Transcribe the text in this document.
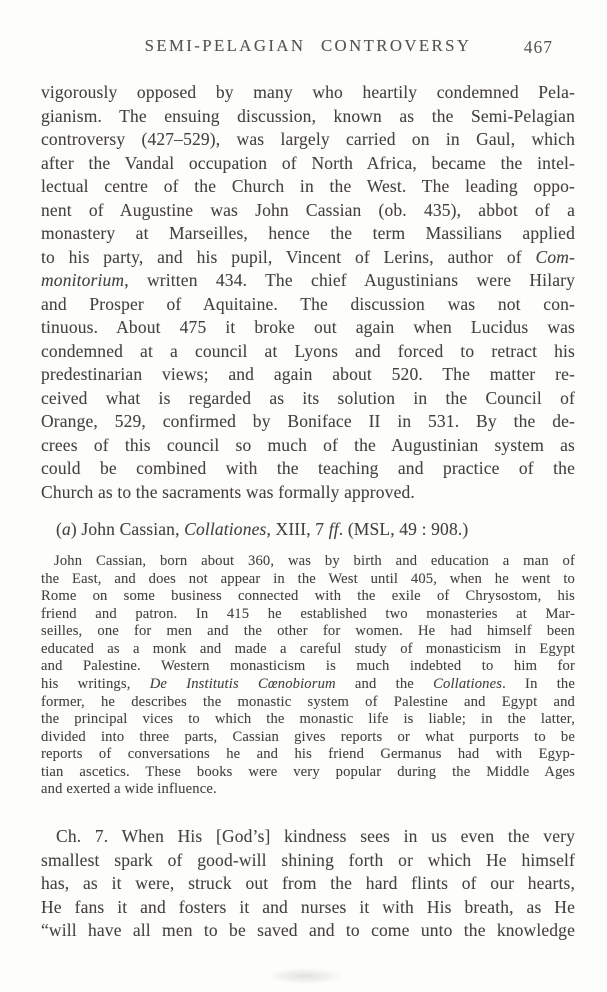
SEMI-PELAGIAN CONTROVERSY	467
vigorously opposed by many who heartily condemned Pela-
gianism. The ensuing discussion, known as the Semi-Pelagian
controversy (427–529), was largely carried on in Gaul, which
after the Vandal occupation of North Africa, became the intel-
lectual centre of the Church in the West. The leading oppo-
nent of Augustine was John Cassian (ob. 435), abbot of a
monastery at Marseilles, hence the term Massilians applied
to his party, and his pupil, Vincent of Lerins, author of Com-
monitorium, written 434. The chief Augustinians were Hilary
and Prosper of Aquitaine. The discussion was not con-
tinuous. About 475 it broke out again when Lucidus was
condemned at a council at Lyons and forced to retract his
predestinarian views; and again about 520. The matter re-
ceived what is regarded as its solution in the Council of
Orange, 529, confirmed by Boniface II in 531. By the de-
crees of this council so much of the Augustinian system as
could be combined with the teaching and practice of the
Church as to the sacraments was formally approved.
(a) John Cassian, Collationes, XIII, 7 ff. (MSL, 49 : 908.)
John Cassian, born about 360, was by birth and education a man of
the East, and does not appear in the West until 405, when he went to
Rome on some business connected with the exile of Chrysostom, his
friend and patron. In 415 he established two monasteries at Mar-
seilles, one for men and the other for women. He had himself been
educated as a monk and made a careful study of monasticism in Egypt
and Palestine. Western monasticism is much indebted to him for
his writings, De Institutis Cœnobiorum and the Collationes. In the
former, he describes the monastic system of Palestine and Egypt and
the principal vices to which the monastic life is liable; in the latter,
divided into three parts, Cassian gives reports or what purports to be
reports of conversations he and his friend Germanus had with Egyp-
tian ascetics. These books were very popular during the Middle Ages
and exerted a wide influence.
Ch. 7. When His [God’s] kindness sees in us even the very
smallest spark of good-will shining forth or which He himself
has, as it were, struck out from the hard flints of our hearts,
He fans it and fosters it and nurses it with His breath, as He
“will have all men to be saved and to come unto the knowledge
